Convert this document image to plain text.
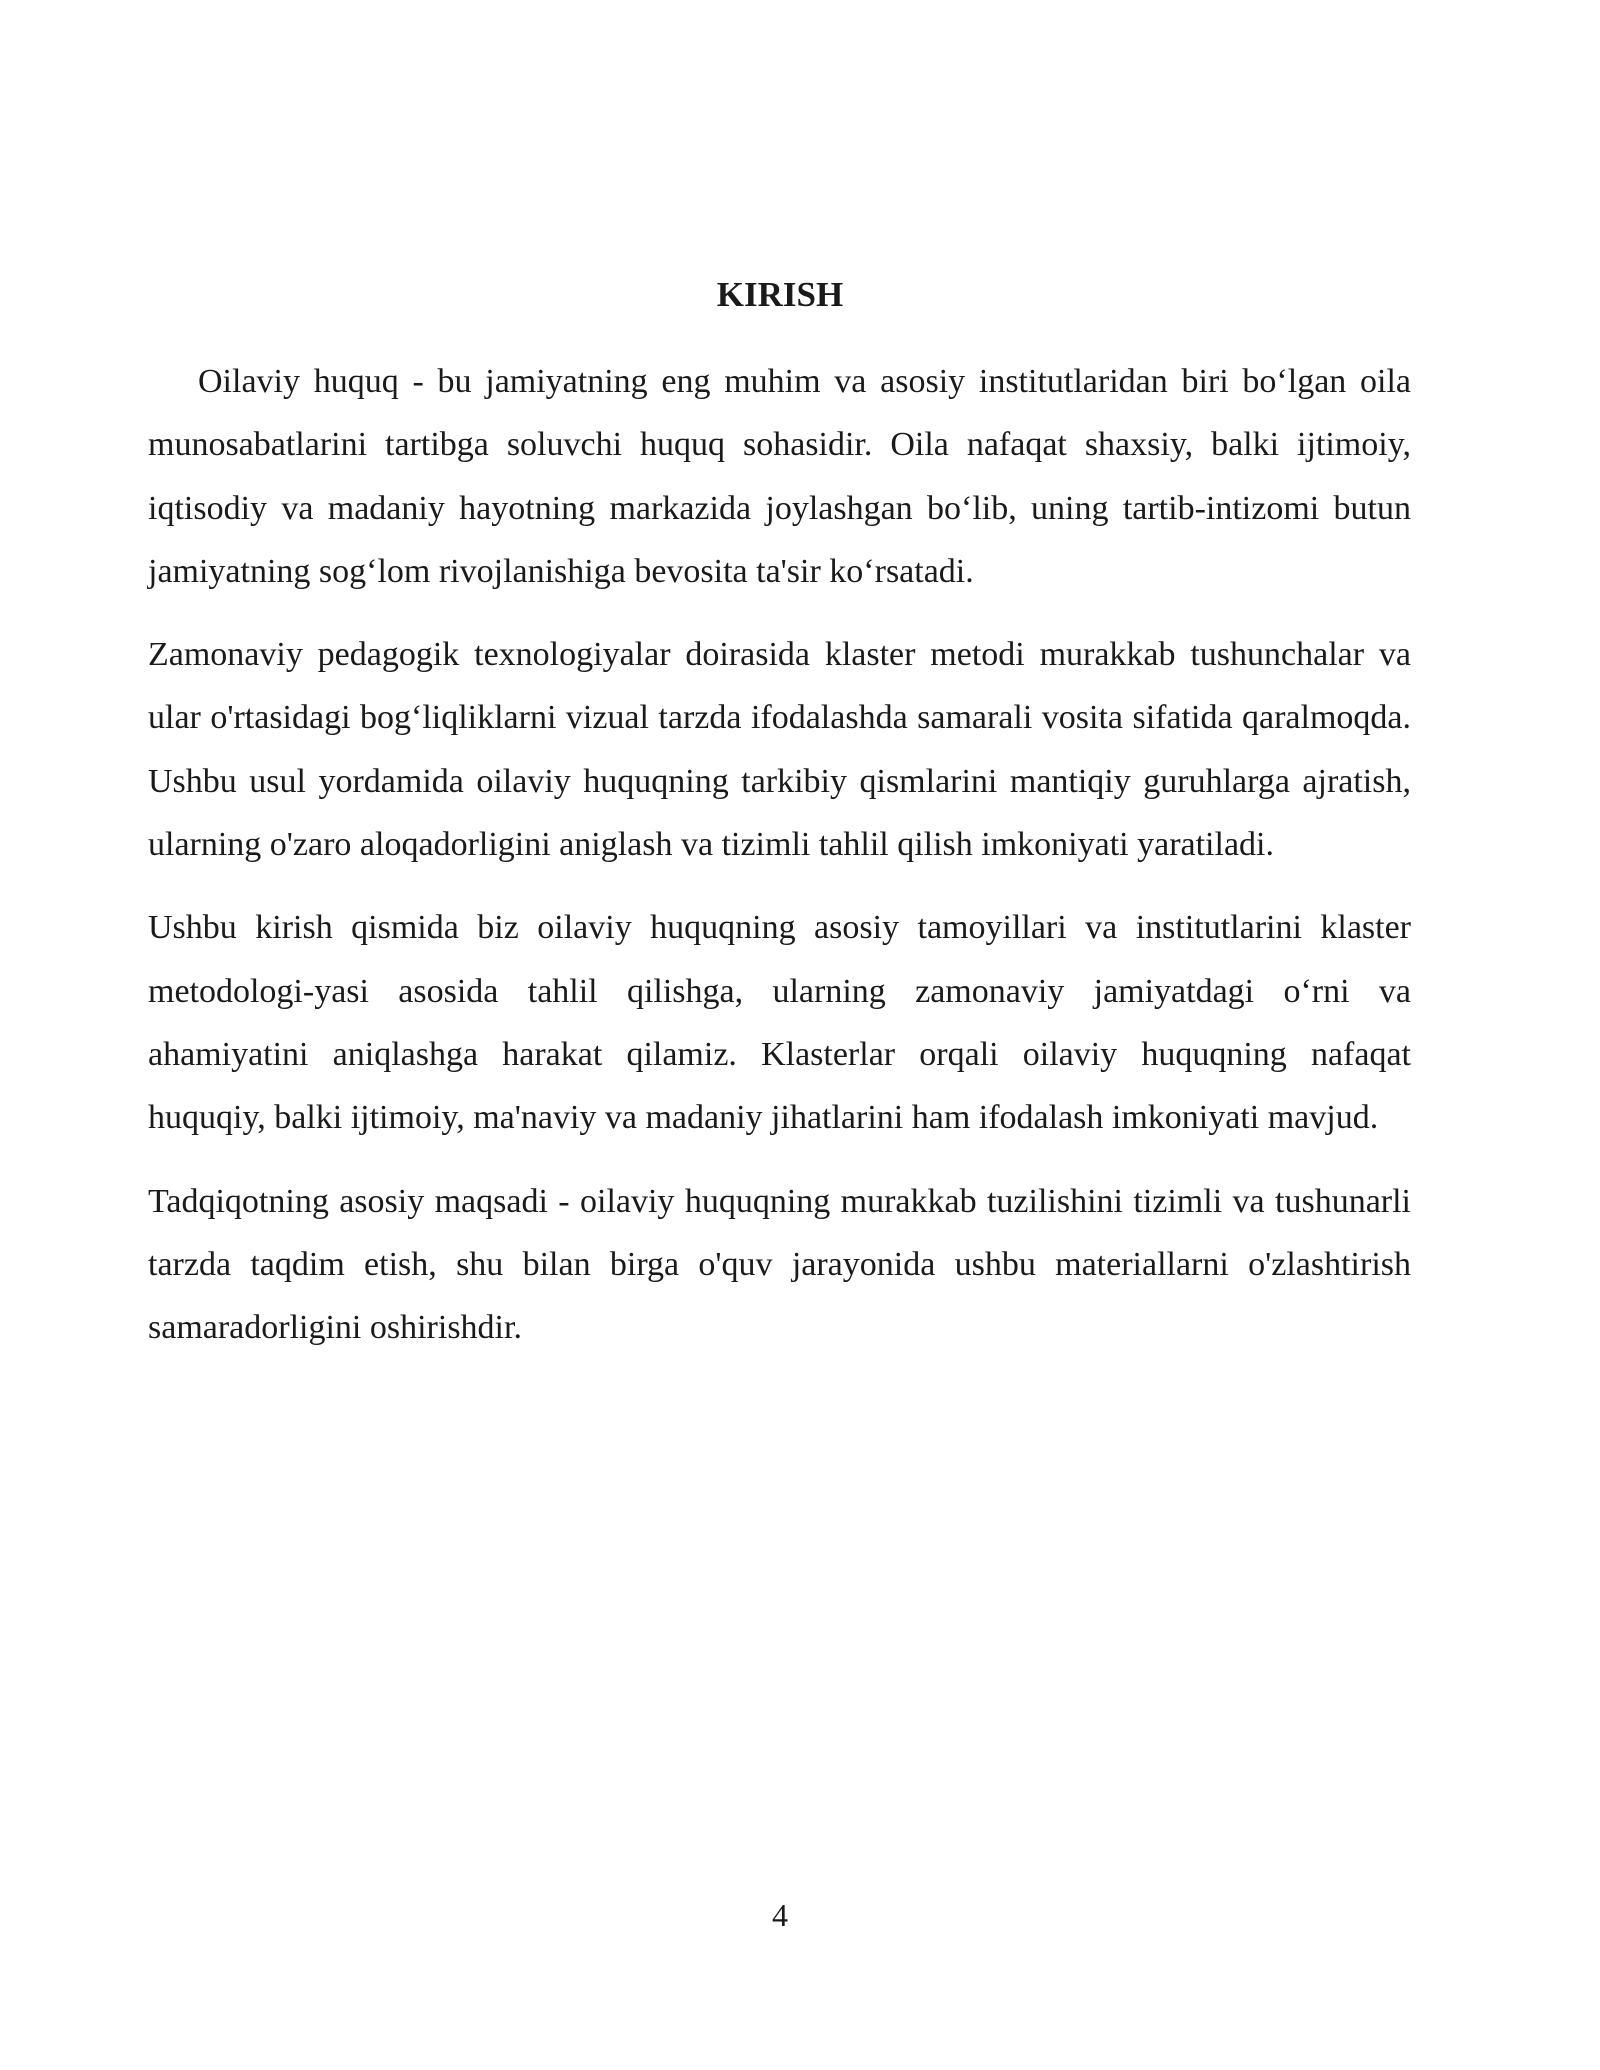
KIRISH

Oilaviy huquq - bu jamiyatning eng muhim va asosiy institutlaridan biri bo‘lgan oila munosabatlarini tartibga soluvchi huquq sohasidir. Oila nafaqat shaxsiy, balki ijtimoiy, iqtisodiy va madaniy hayotning markazida joylashgan bo‘lib, uning tartib-intizomi butun jamiyatning sog‘lom rivojlanishiga bevosita ta'sir ko‘rsatadi.

Zamonaviy pedagogik texnologiyalar doirasida klaster metodi murakkab tushunchalar va ular o'rtasidagi bog‘liqliklarni vizual tarzda ifodalashda samarali vosita sifatida qaralmoqda. Ushbu usul yordamida oilaviy huquqning tarkibiy qismlarini mantiqiy guruhlarga ajratish, ularning o'zaro aloqadorligini aniglash va tizimli tahlil qilish imkoniyati yaratiladi.

Ushbu kirish qismida biz oilaviy huquqning asosiy tamoyillari va institutlarini klaster metodologi-yasi asosida tahlil qilishga, ularning zamonaviy jamiyatdagi o‘rni va ahamiyatini aniqlashga harakat qilamiz. Klasterlar orqali oilaviy huquqning nafaqat huquqiy, balki ijtimoiy, ma'naviy va madaniy jihatlarini ham ifodalash imkoniyati mavjud.

Tadqiqotning asosiy maqsadi - oilaviy huquqning murakkab tuzilishini tizimli va tushunarli tarzda taqdim etish, shu bilan birga o'quv jarayonida ushbu materiallarni o'zlashtirish samaradorligini oshirishdir.

4
